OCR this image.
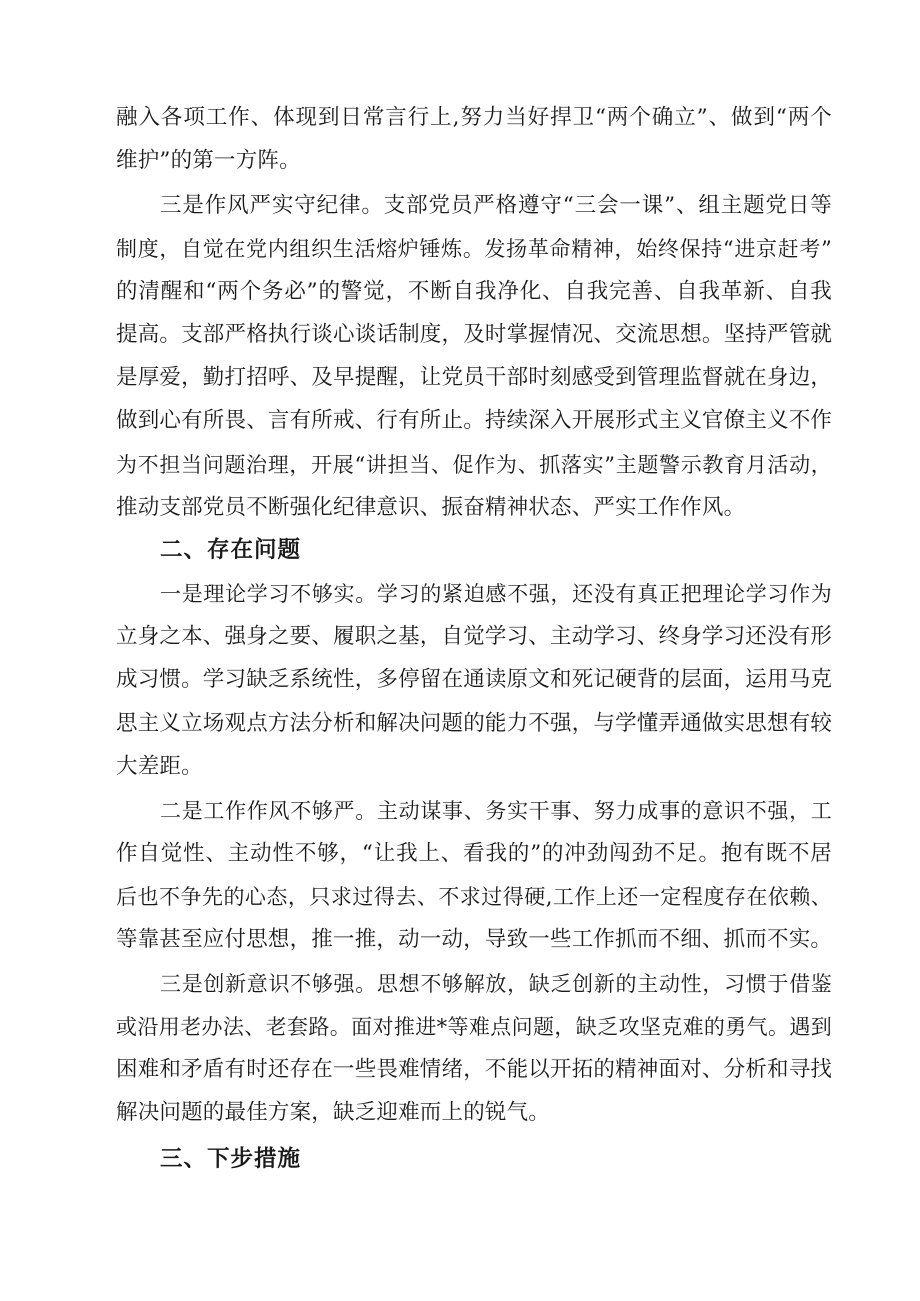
融入各项工作、体现到日常言行上,努力当好捍卫“两个确立”、做到“两个
维护”的第一方阵。
三是作风严实守纪律。支部党员严格遵守“三会一课”、组主题党日等
制度，自觉在党内组织生活熔炉锤炼。发扬革命精神，始终保持“进京赶考”
的清醒和“两个务必”的警觉，不断自我净化、自我完善、自我革新、自我
提高。支部严格执行谈心谈话制度，及时掌握情况、交流思想。坚持严管就
是厚爱，勤打招呼、及早提醒，让党员干部时刻感受到管理监督就在身边，
做到心有所畏、言有所戒、行有所止。持续深入开展形式主义官僚主义不作
为不担当问题治理，开展“讲担当、促作为、抓落实”主题警示教育月活动，
推动支部党员不断强化纪律意识、振奋精神状态、严实工作作风。
二、存在问题
一是理论学习不够实。学习的紧迫感不强，还没有真正把理论学习作为
立身之本、强身之要、履职之基，自觉学习、主动学习、终身学习还没有形
成习惯。学习缺乏系统性，多停留在通读原文和死记硬背的层面，运用马克
思主义立场观点方法分析和解决问题的能力不强，与学懂弄通做实思想有较
大差距。
二是工作作风不够严。主动谋事、务实干事、努力成事的意识不强，工
作自觉性、主动性不够，“让我上、看我的”的冲劲闯劲不足。抱有既不居
后也不争先的心态，只求过得去、不求过得硬,工作上还一定程度存在依赖、
等靠甚至应付思想，推一推，动一动，导致一些工作抓而不细、抓而不实。
三是创新意识不够强。思想不够解放，缺乏创新的主动性，习惯于借鉴
或沿用老办法、老套路。面对推进*等难点问题，缺乏攻坚克难的勇气。遇到
困难和矛盾有时还存在一些畏难情绪，不能以开拓的精神面对、分析和寻找
解决问题的最佳方案，缺乏迎难而上的锐气。
三、下步措施
